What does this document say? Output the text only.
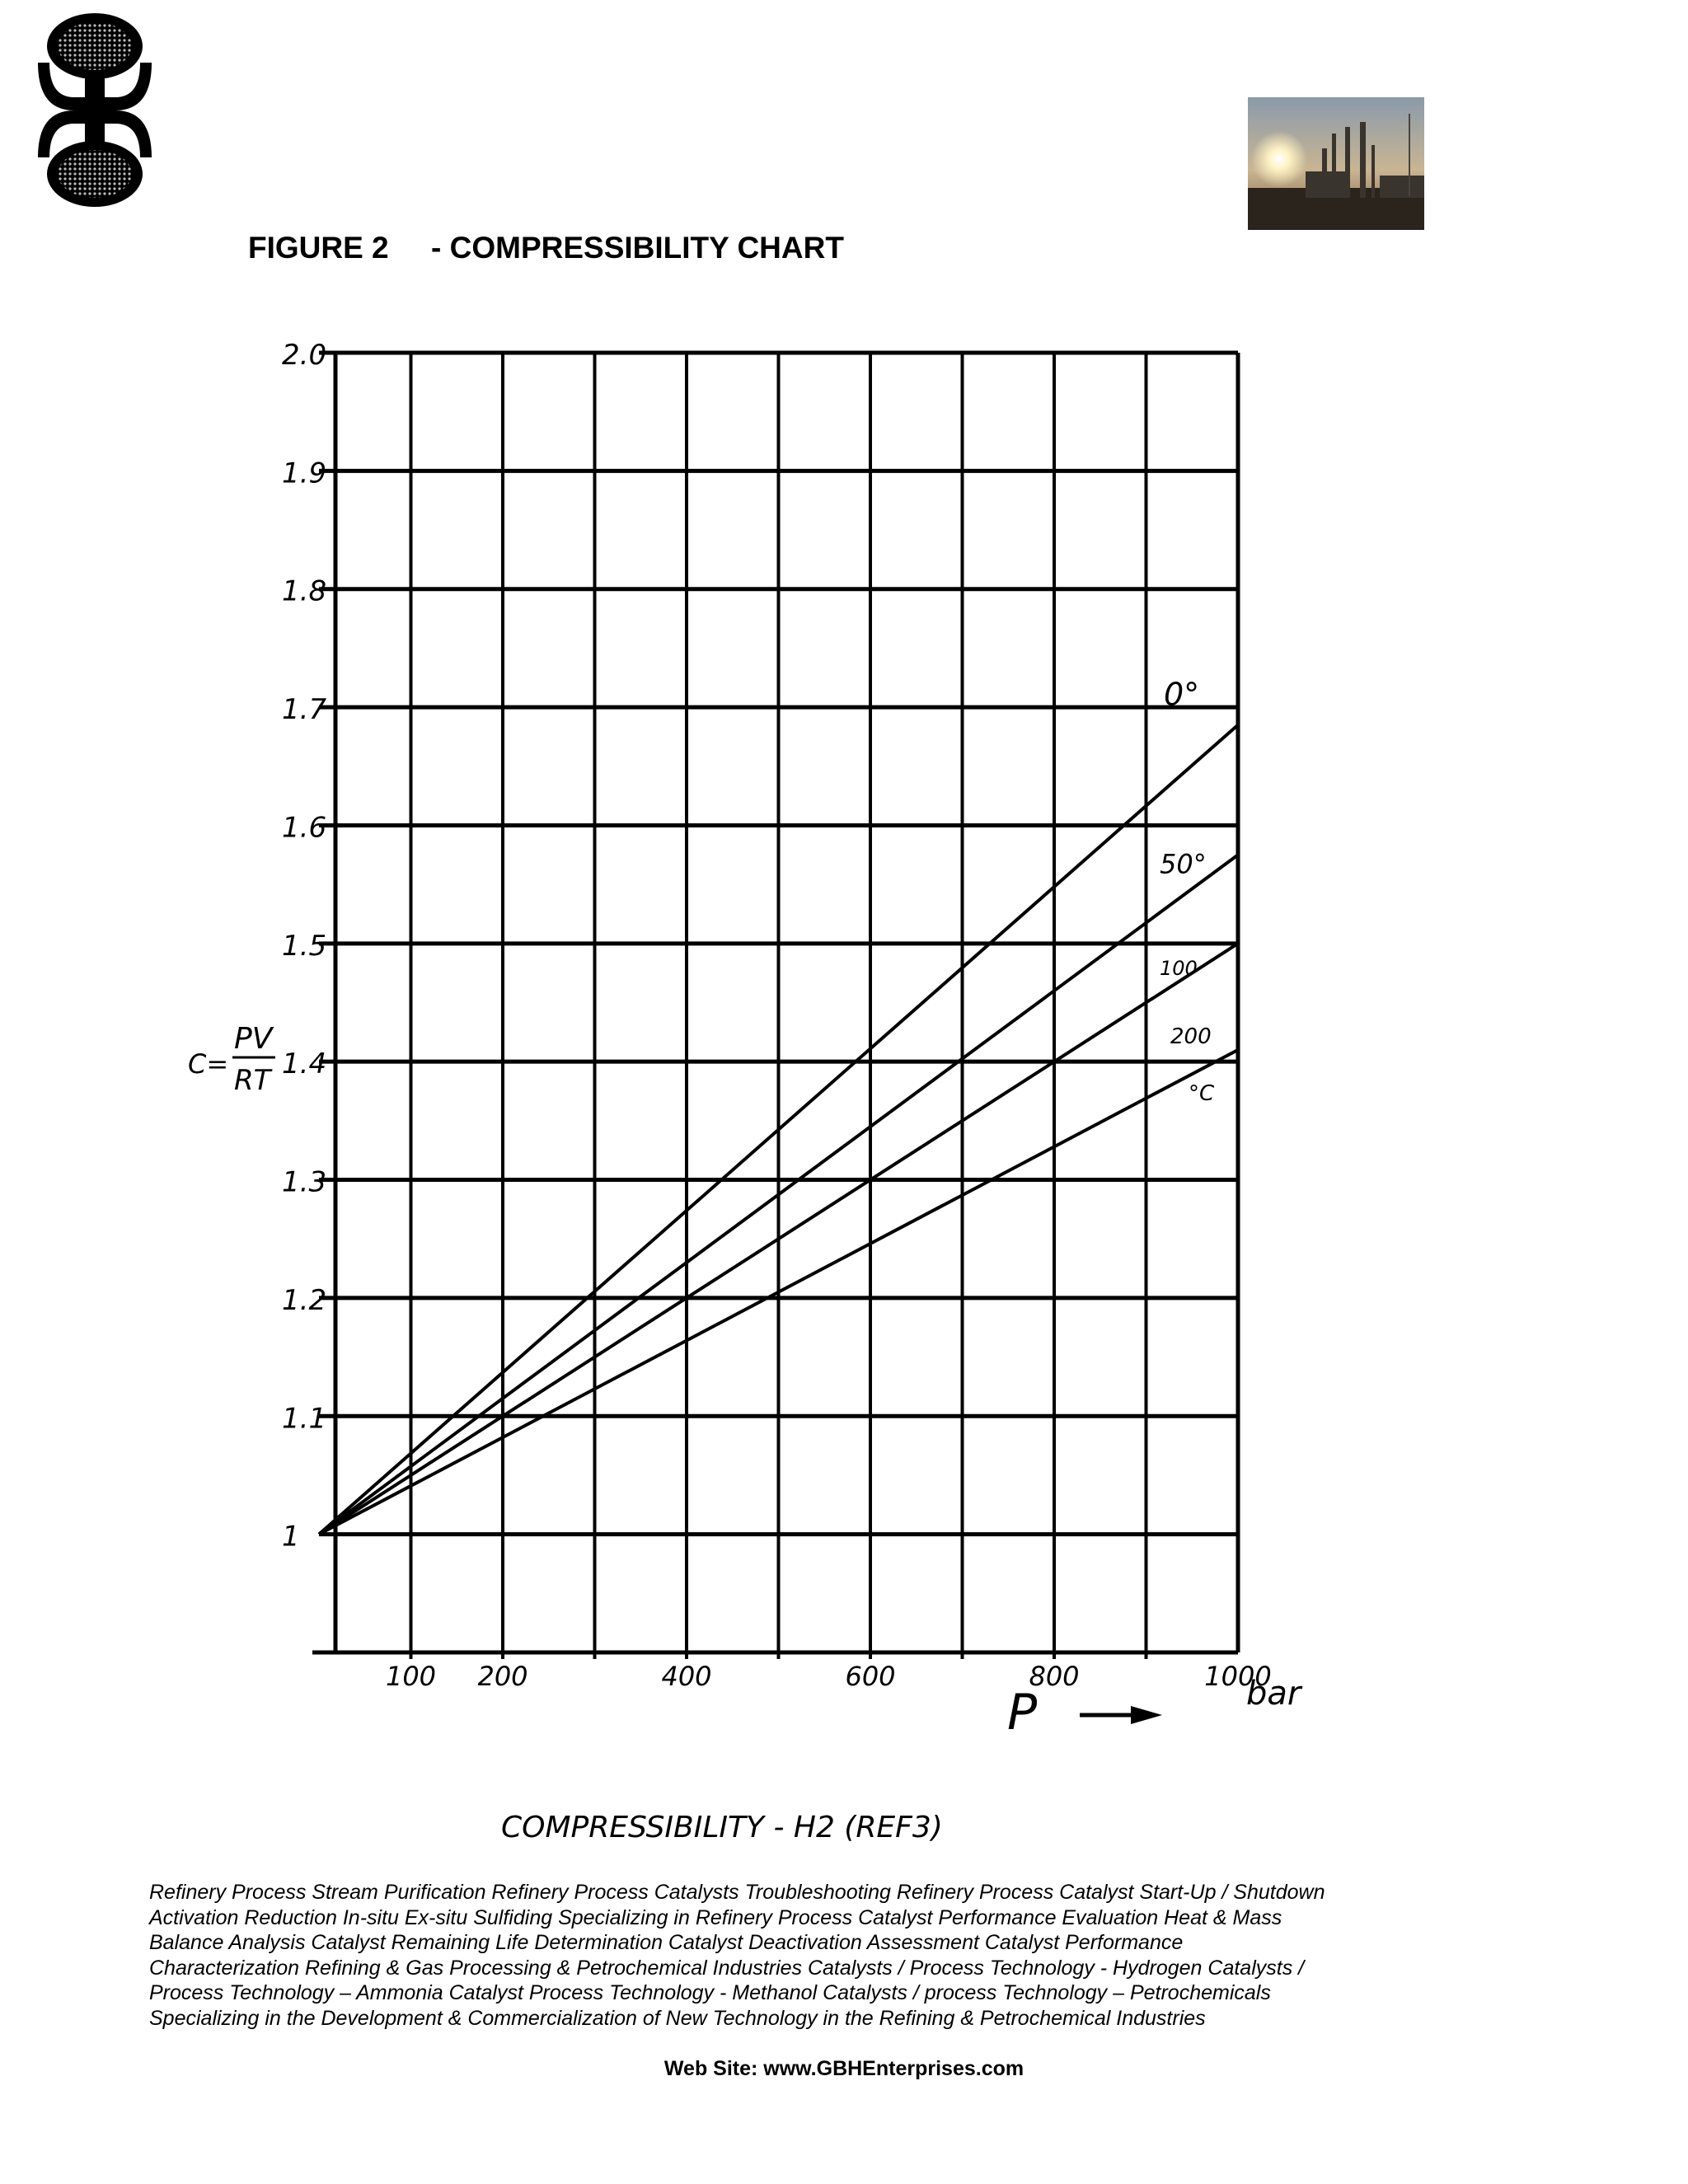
FIGURE 2     - COMPRESSIBILITY CHART
1
1.1
1.2
1.3
1.4
1.5
1.6
1.7
1.8
1.9
2.0
100 200	400	600	800	1000
0°
50°
100
200
C=
PV
RT
C= PV/RT
P	bar
°C
COMPRESSIBILITY - H2 (REF3)

Refinery Process Stream Purification Refinery Process Catalysts Troubleshooting Refinery Process Catalyst Start-Up / Shutdown
Activation Reduction In-situ Ex-situ Sulfiding Specializing in Refinery Process Catalyst Performance Evaluation Heat & Mass
Balance Analysis Catalyst Remaining Life Determination Catalyst Deactivation Assessment Catalyst Performance
Characterization Refining & Gas Processing & Petrochemical Industries Catalysts / Process Technology - Hydrogen Catalysts /
Process Technology – Ammonia Catalyst Process Technology - Methanol Catalysts / process Technology – Petrochemicals
Specializing in the Development & Commercialization of New Technology in the Refining & Petrochemical Industries

Web Site: www.GBHEnterprises.com
